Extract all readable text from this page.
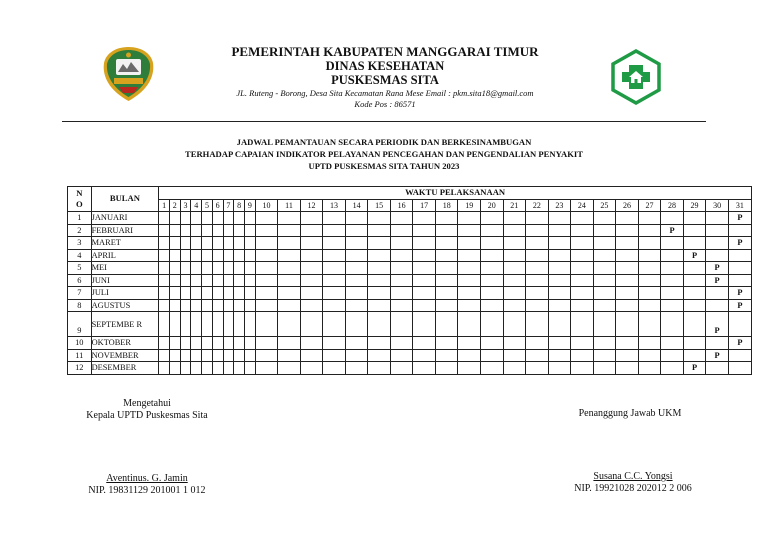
PEMERINTAH KABUPATEN MANGGARAI TIMUR
DINAS KESEHATAN
PUSKESMAS SITA
JL. Ruteng - Borong, Desa Sita Kecamatan Rana Mese Email : pkm.sita18@gmail.com
Kode Pos : 86571
JADWAL PEMANTAUAN SECARA PERIODIK DAN BERKESINAMBUGAN
TERHADAP CAPAIAN INDIKATOR PELAYANAN PENCEGAHAN DAN PENGENDALIAN PENYAKIT
UPTD PUSKESMAS SITA TAHUN 2023
N
O	BULAN	WAKTU PELAKSANAAN																														
		1	2	3	4	5	6	7	8	9	10	11	12	13	14	15	16	17	18	19	20	21	22	23	24	25	26	27	28	29	30	31
1	JANUARI																															P
2	FEBRUARI																												P			
3	MARET																															P
4	APRIL																													P		
5	MEI																														P	
6	JUNI																														P	
7	JULI																															P
8	AGUSTUS																															P
9	SEPTEMBE R																														P	
10	OKTOBER																															P
11	NOVEMBER																														P	
12	DESEMBER																													P		
Mengetahui
Kepala UPTD Puskesmas Sita	Penanggung Jawab UKM
Aventinus. G. Jamin
NIP. 19831129 201001 1 012
Susana C.C. Yongsi
NIP. 19921028 202012 2 006
